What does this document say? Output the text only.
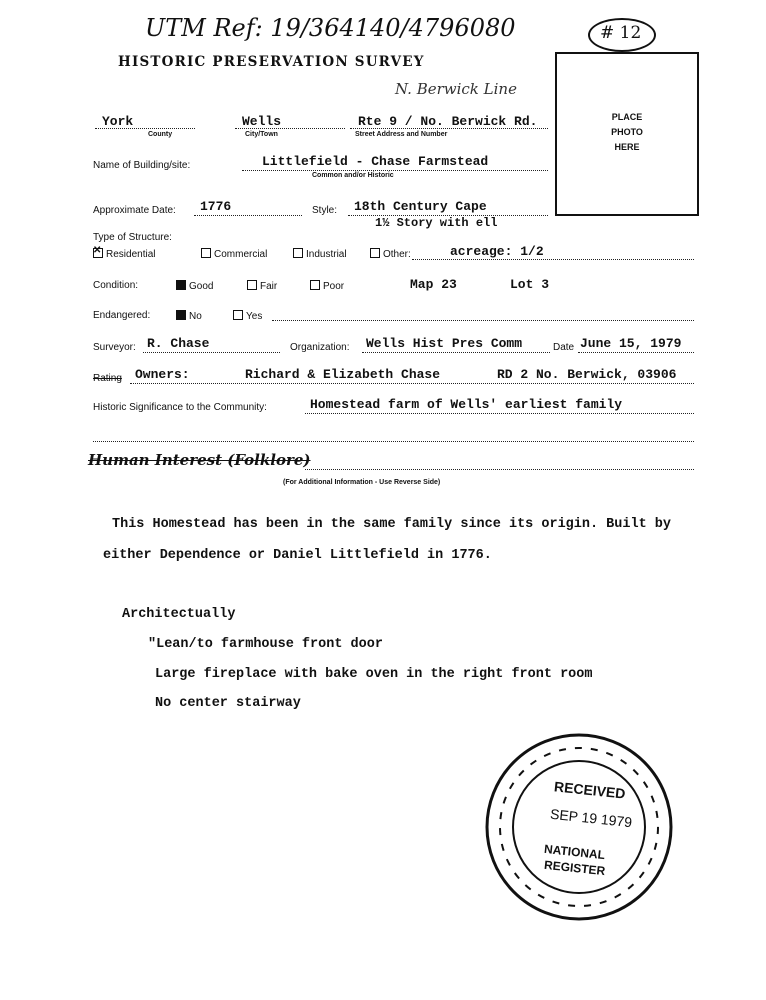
UTM Ref: 19/364140/4796080	# 12
HISTORIC PRESERVATION SURVEY
N. Berwick Line
PLACE
PHOTO
HERE
York
County
Wells
City/Town
Rte 9 / No. Berwick Rd.
Street Address and Number
Name of Building/site:	Littlefield - Chase Farmstead
Common and/or Historic
Approximate Date: 1776	Style: 18th Century Cape
1½ Story with ell
Type of Structure:
✕Residential	Commercial	Industrial	Other:	acreage: 1/2
Condition:	Good	Fair	Poor	Map 23	Lot 3
Endangered:	No	Yes
Surveyor: R. Chase	Organization: Wells Hist Pres Comm	Date June 15, 1979
Rating Owners:	Richard & Elizabeth Chase	RD 2 No. Berwick, 03906
Historic Significance to the Community:	Homestead farm of Wells' earliest family
Human Interest (Folklore)
(For Additional Information - Use Reverse Side)
This Homestead has been in the same family since its origin. Built by
either Dependence or Daniel Littlefield in 1776.
Architectually
"Lean/to farmhouse front door
Large fireplace with bake oven in the right front room
No center stairway
RECEIVED
SEP 19 1979
NATIONAL
REGISTER
